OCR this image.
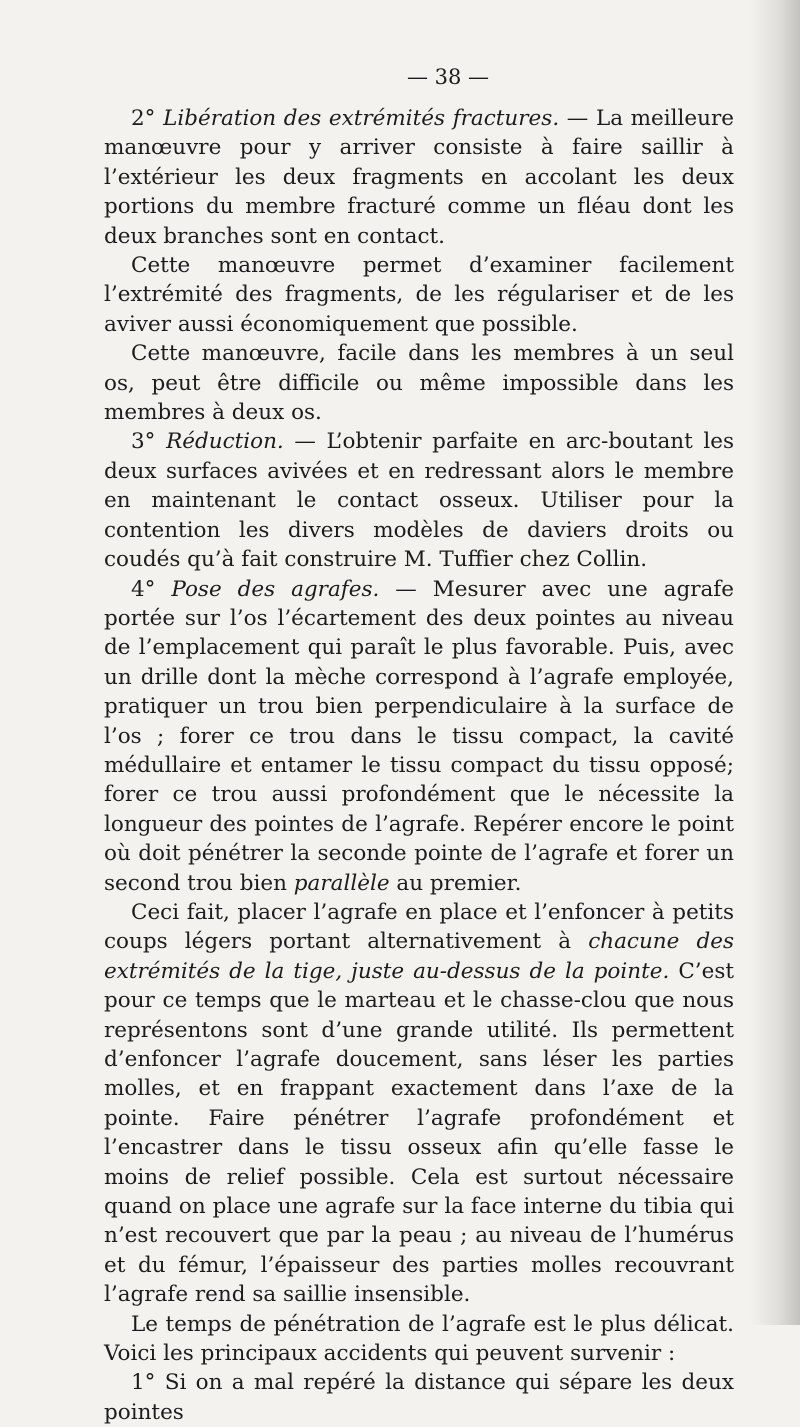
— 38 —

2° Libération des extrémités fractures. — La meilleure manœuvre pour y arriver consiste à faire saillir à l’extérieur les deux fragments en accolant les deux portions du membre fracturé comme un fléau dont les deux branches sont en contact.

Cette manœuvre permet d’examiner facilement l’extrémité des fragments, de les régulariser et de les aviver aussi économiquement que possible.

Cette manœuvre, facile dans les membres à un seul os, peut être difficile ou même impossible dans les membres à deux os.

3° Réduction. — L’obtenir parfaite en arc-boutant les deux surfaces avivées et en redressant alors le membre en maintenant le contact osseux. Utiliser pour la contention les divers modèles de daviers droits ou coudés qu’à fait construire M. Tuffier chez Collin.

4° Pose des agrafes. — Mesurer avec une agrafe portée sur l’os l’écartement des deux pointes au niveau de l’emplacement qui paraît le plus favorable. Puis, avec un drille dont la mèche correspond à l’agrafe employée, pratiquer un trou bien perpendiculaire à la surface de l’os ; forer ce trou dans le tissu compact, la cavité médullaire et entamer le tissu compact du tissu opposé; forer ce trou aussi profondément que le nécessite la longueur des pointes de l’agrafe. Repérer encore le point où doit pénétrer la seconde pointe de l’agrafe et forer un second trou bien parallèle au premier.

Ceci fait, placer l’agrafe en place et l’enfoncer à petits coups légers portant alternativement à chacune des extrémités de la tige, juste au-dessus de la pointe. C’est pour ce temps que le marteau et le chasse-clou que nous représentons sont d’une grande utilité. Ils permettent d’enfoncer l’agrafe doucement, sans léser les parties molles, et en frappant exactement dans l’axe de la pointe. Faire pénétrer l’agrafe profondément et l’encastrer dans le tissu osseux afin qu’elle fasse le moins de relief possible. Cela est surtout nécessaire quand on place une agrafe sur la face interne du tibia qui n’est recouvert que par la peau ; au niveau de l’humérus et du fémur, l’épaisseur des parties molles recouvrant l’agrafe rend sa saillie insensible.

Le temps de pénétration de l’agrafe est le plus délicat. Voici les principaux accidents qui peuvent survenir :

1° Si on a mal repéré la distance qui sépare les deux pointes
